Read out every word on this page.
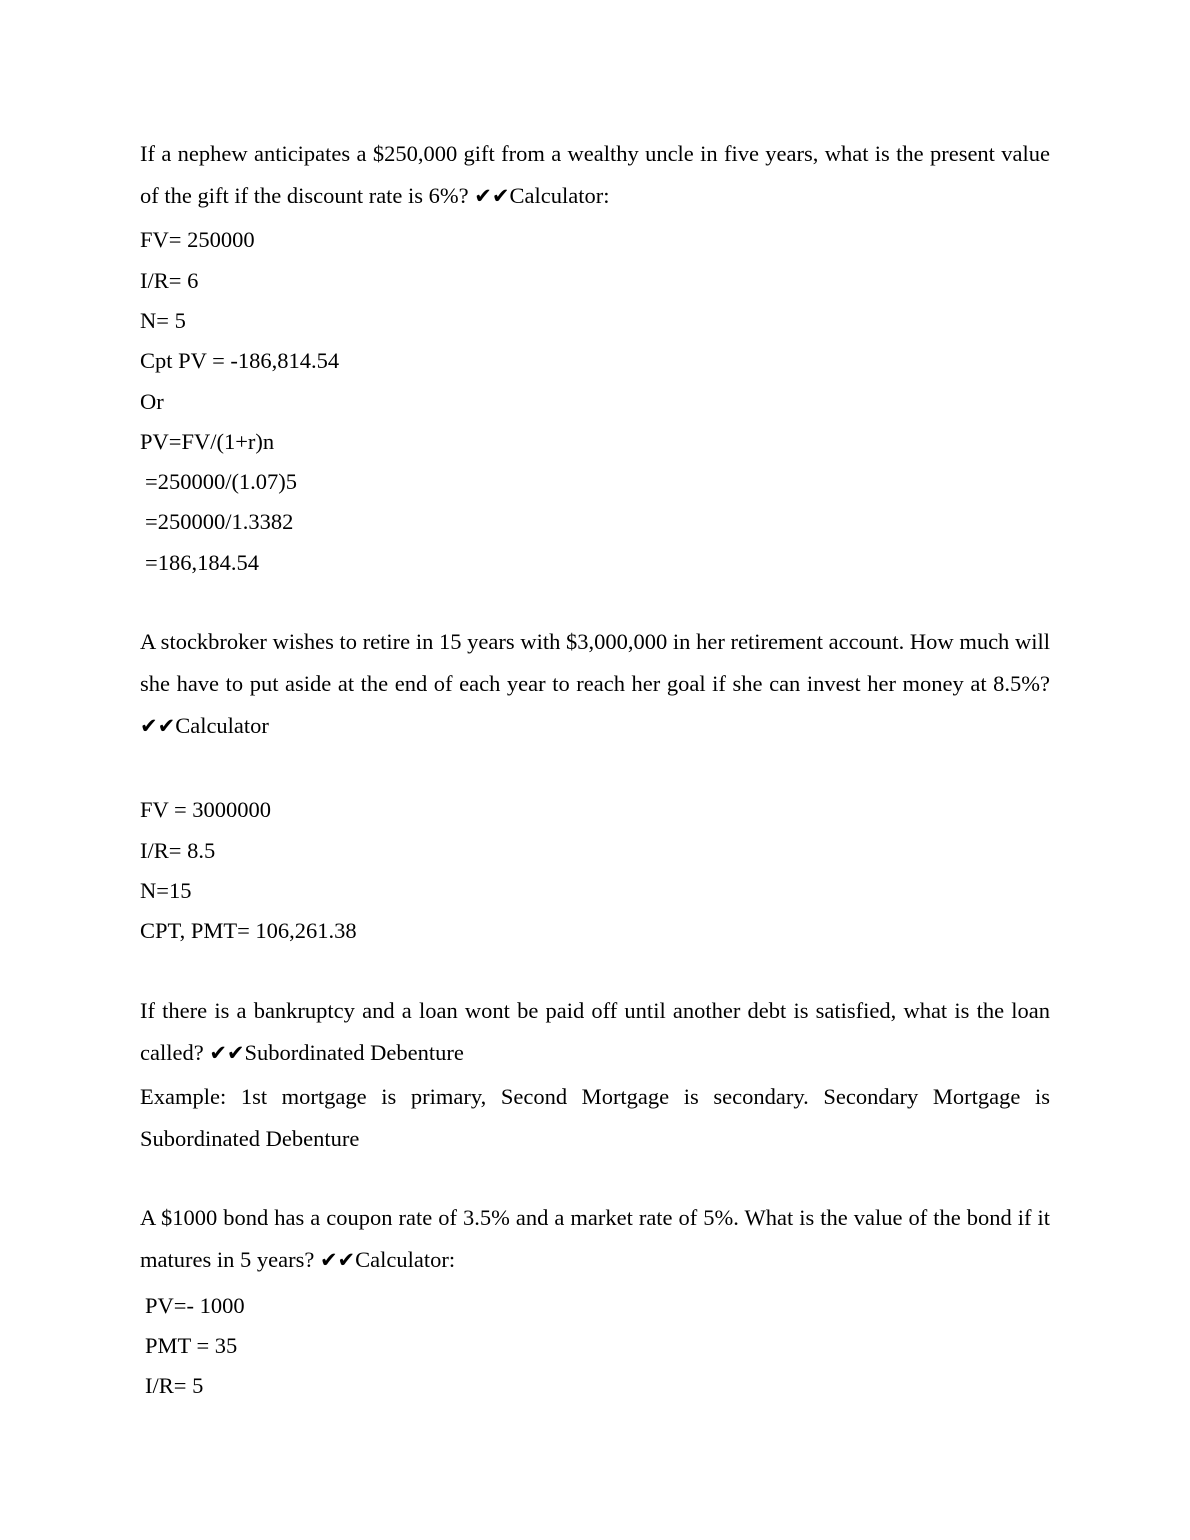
If a nephew anticipates a $250,000 gift from a wealthy uncle in five years, what is the present value of the gift if the discount rate is 6%? ✔✔Calculator:

FV= 250000

I/R= 6

N= 5

Cpt PV = -186,814.54

Or

PV=FV/(1+r)n

=250000/(1.07)5

=250000/1.3382

=186,184.54

A stockbroker wishes to retire in 15 years with $3,000,000 in her retirement account. How much will she have to put aside at the end of each year to reach her goal if she can invest her money at 8.5%? ✔✔Calculator

FV = 3000000

I/R= 8.5

N=15

CPT, PMT= 106,261.38

If there is a bankruptcy and a loan wont be paid off until another debt is satisfied, what is the loan called? ✔✔Subordinated Debenture

Example: 1st mortgage is primary, Second Mortgage is secondary. Secondary Mortgage is Subordinated Debenture

A $1000 bond has a coupon rate of 3.5% and a market rate of 5%. What is the value of the bond if it matures in 5 years? ✔✔Calculator:

PV=- 1000

PMT = 35

I/R= 5
